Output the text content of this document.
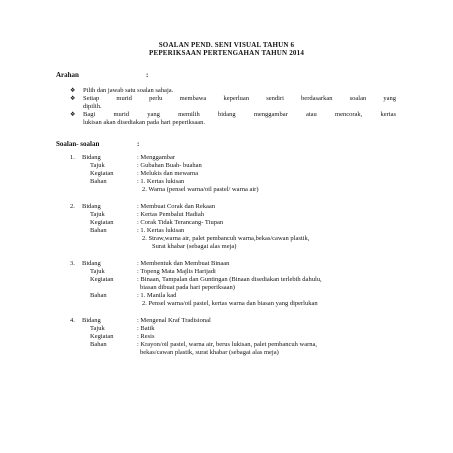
SOALAN PEND. SENI VISUAL TAHUN 6
PEPERIKSAAN PERTENGAHAN TAHUN 2014
Arahan	:
❖ Pilih dan jawab satu soalan sahaja.
❖ Setiap murid perlu membawa keperluan sendiri berdasarkan soalan yang
dipilih.
❖ Bagi murid yang memilih bidang menggambar atau mencorak, kertas
lukisan akan disediakan pada hari peperiksaan.
Soalan- soalan	:
1. Bidang	: Menggambar
Tajuk	: Gubahan Buah- buahan
Kegiatan	: Melukis dan mewarna
Bahan	: 1. Kertas lukisan
2. Warna (pensel warna/oil pastel/ warna air)
2. Bidang	: Membuat Corak dan Rekaan
Tajuk	: Kertas Pembalut Hadiah
Kegiatan	: Corak Tidak Terancang- Tiupan
Bahan	: 1. Kertas lukisan
2. Straw,warna air, palet pembancuh warna,bekas/cawan plastik,
Surat khabar (sebagai alas meja)
3. Bidang	: Membentuk dan Membuat Binaan
Tajuk	: Topeng Mata Majlis Harijadi
Kegiatan	: Binaan, Tampalan dan Guntingan (Binaan disediakan terlebih dahulu,
biasan dibuat pada hari peperiksaan)
Bahan	: 1. Manila kad
2. Pensel warna/oil pastel, kertas warna dan biasan yang diperlukan
4. Bidang	: Mengenal Kraf Tradisional
Tajuk	: Batik
Kegiatan	: Resis
Bahan	: Krayon/oil pastel, warna air, berus lukisan, palet pembancuh warna,
bekas/cawan plastik, surat khabar (sebagai alas meja)
